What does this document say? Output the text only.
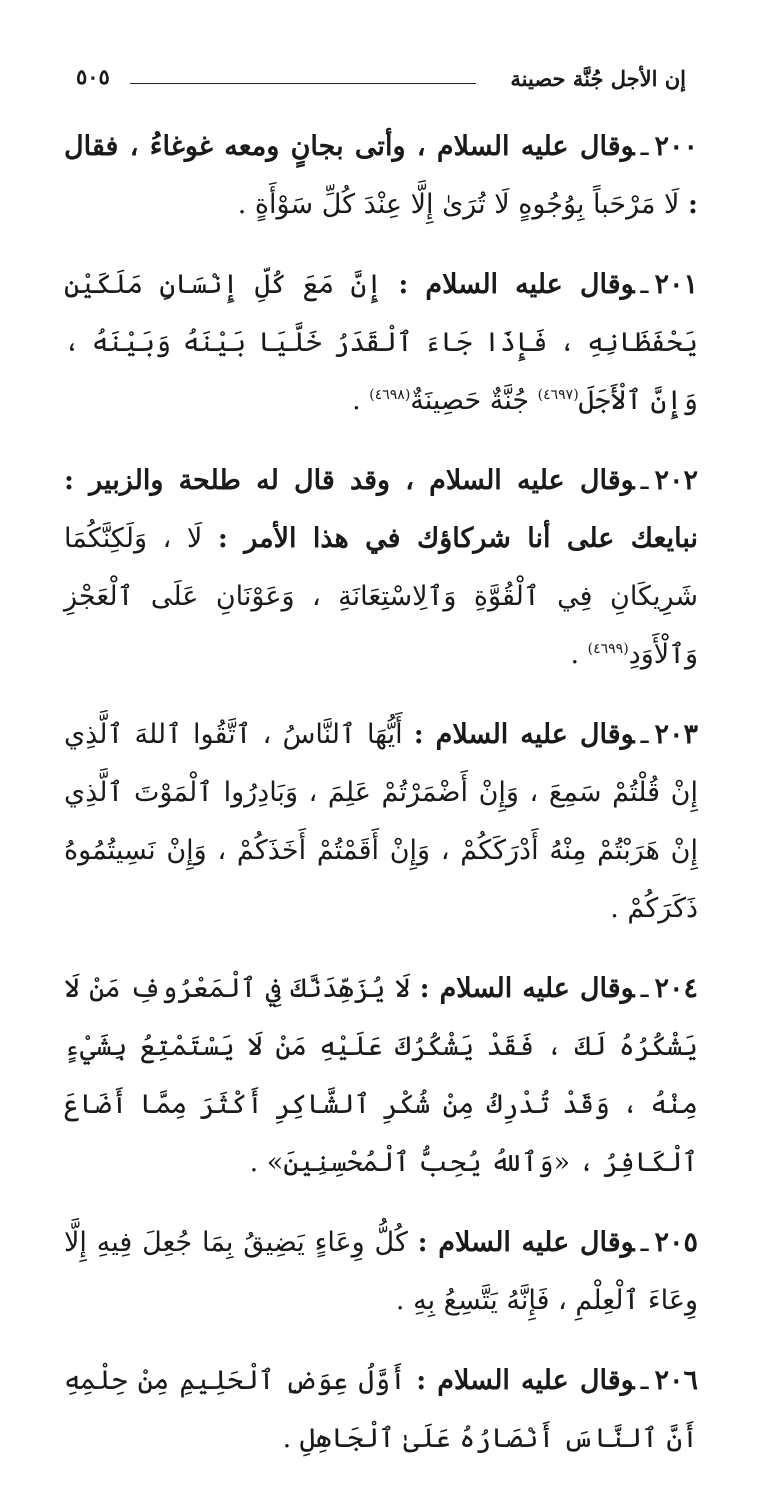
إن الأجل جُنَّة حصينة
٥٠٥

٢٠٠ـوقال عليه السلام ، وأتى بجانٍ ومعه غوغاءُ ، فقال : لَا مَرْحَباً بِوُجُوهٍ لَا تُرَىٰ إِلَّا عِنْدَ كُلِّ سَوْأَةٍ .

٢٠١ـوقال عليه السلام : إِنَّ مَعَ كُلِّ إِنْسَانٍ مَلَكَيْنِ يَحْفَظَانِهِ ، فَإِذَا جَاءَ ٱلْقَدَرُ خَلَّيَا بَيْنَهُ وَبَيْنَهُ ، وَإِنَّ ٱلْأَجَلَ$^{(٤٦٩٧)}$ جُنَّةٌ حَصِينَةٌ$^{(٤٦٩٨)}$ .

٢٠٢ـوقال عليه السلام ، وقد قال له طلحة والزبير : نبايعك على أنا شركاؤك في هذا الأمر : لَا ، وَلَكِنَّكُمَا شَرِيكَانِ فِي ٱلْقُوَّةِ وَٱلِاسْتِعَانَةِ ، وَعَوْنَانِ عَلَى ٱلْعَجْزِ وَٱلْأَوَدِ$^{(٤٦٩٩)}$ .

٢٠٣ـوقال عليه السلام : أَيُّهَا ٱلنَّاسُ ، ٱتَّقُوا ٱللهَ ٱلَّذِي إِنْ قُلْتُمْ سَمِعَ ، وَإِنْ أَضْمَرْتُمْ عَلِمَ ، وَبَادِرُوا ٱلْمَوْتَ ٱلَّذِي إِنْ هَرَبْتُمْ مِنْهُ أَدْرَكَكُمْ ، وَإِنْ أَقَمْتُمْ أَخَذَكُمْ ، وَإِنْ نَسِيتُمُوهُ ذَكَرَكُمْ .

٢٠٤ـوقال عليه السلام : لَا يُزَهِّدَنَّكَ فِي ٱلْمَعْرُوفِ مَنْ لَا يَشْكُرُهُ لَكَ ، فَقَدْ يَشْكُرُكَ عَلَيْهِ مَنْ لَا يَسْتَمْتِعُ بِشَيْءٍ مِنْهُ ، وَقَدْ تُدْرِكُ مِنْ شُكْرِ ٱلشَّاكِرِ أَكْثَرَ مِمَّا أَضَاعَ ٱلْكَافِرُ ، «وَٱللهُ يُحِبُّ ٱلْمُحْسِنِينَ» .

٢٠٥ـوقال عليه السلام : كُلُّ وِعَاءٍ يَضِيقُ بِمَا جُعِلَ فِيهِ إِلَّا وِعَاءَ ٱلْعِلْمِ ، فَإِنَّهُ يَتَّسِعُ بِهِ .

٢٠٦ـوقال عليه السلام : أَوَّلُ عِوَضِ ٱلْحَلِيمِ مِنْ حِلْمِهِ أَنَّ ٱلنَّاسَ أَنْصَارُهُ عَلَىٰ ٱلْجَاهِلِ .
